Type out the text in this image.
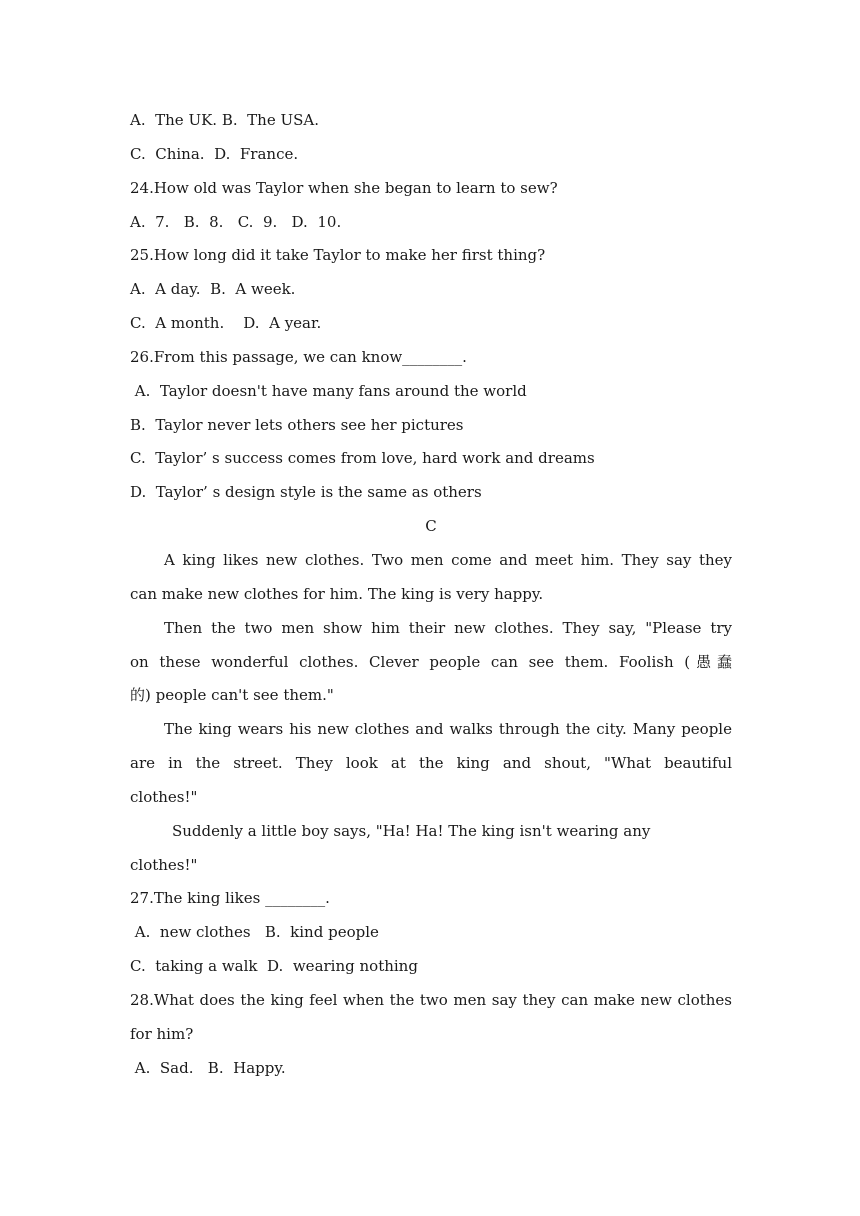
A.  The UK. B.  The USA.
C.  China.  D.  France.
24.How old was Taylor when she began to learn to sew?
A.  7.   B.  8.   C.  9.   D.  10.
25.How long did it take Taylor to make her first thing?
A.  A day.  B.  A week.
C.  A month.    D.  A year.
26.From this passage, we can know________.
A.  Taylor doesn't have many fans around the world
B.  Taylor never lets others see her pictures
C.  Taylor’ s success comes from love, hard work and dreams
D.  Taylor’ s design style is the same as others
C
A king likes new clothes. Two men come and meet him. They say they
can make new clothes for him. The king is very happy.
Then the two men show him their new clothes. They say, "Please try
on these wonderful clothes. Clever people can see them. Foolish (愚蠢
的) people can't see them."
The king wears his new clothes and walks through the city. Many people
are in the street. They look at the king and shout, "What beautiful
clothes!"
Suddenly a little boy says, "Ha! Ha! The king isn't wearing any
clothes!"
27.The king likes ________.
A.  new clothes   B.  kind people
C.  taking a walk  D.  wearing nothing
28.What does the king feel when the two men say they can make new clothes
for him?
A.  Sad.   B.  Happy.
